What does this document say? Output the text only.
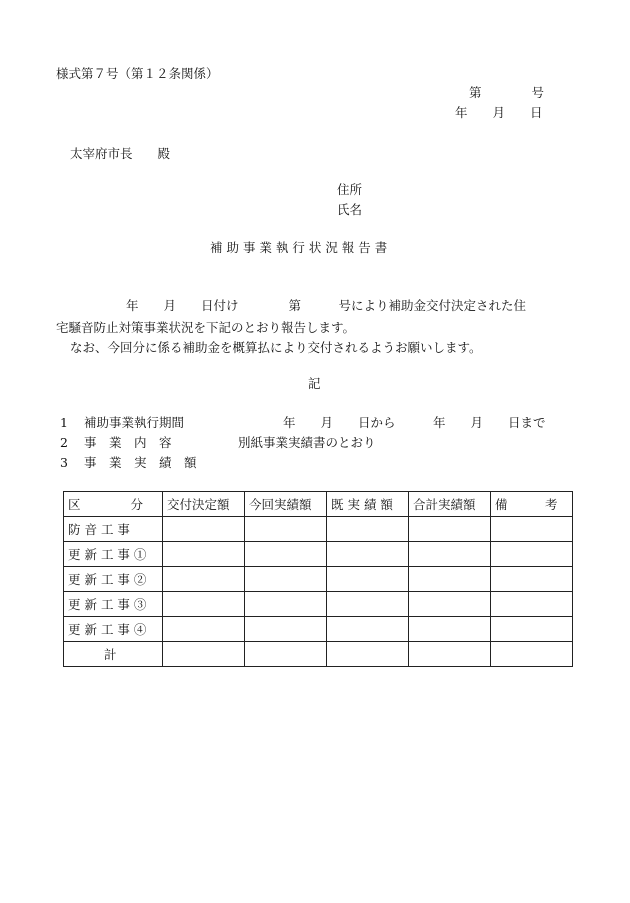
様式第７号（第１２条関係）
第　　　　号
年　　月　　日
太宰府市長　　殿
住所
氏名
補 助 事 業 執 行 状 況 報 告 書
年　　月　　日付け　　　　第　　　号により補助金交付決定された住
宅騒音防止対策事業状況を下記のとおり報告します。
なお、今回分に係る補助金を概算払により交付されるようお願いします。
記
1 補助事業執行期間	年　　月　　日から　　　年　　月　　日まで
2 事　業　内　容	別紙事業実績書のとおり
3 事　業　実　績　額
区　　　　分	交付決定額	今回実績額	既 実 績 額	合計実績額	備　　　考
防 音 工 事					
更 新 工 事 ①					
更 新 工 事 ②					
更 新 工 事 ③					
更 新 工 事 ④					
計					
